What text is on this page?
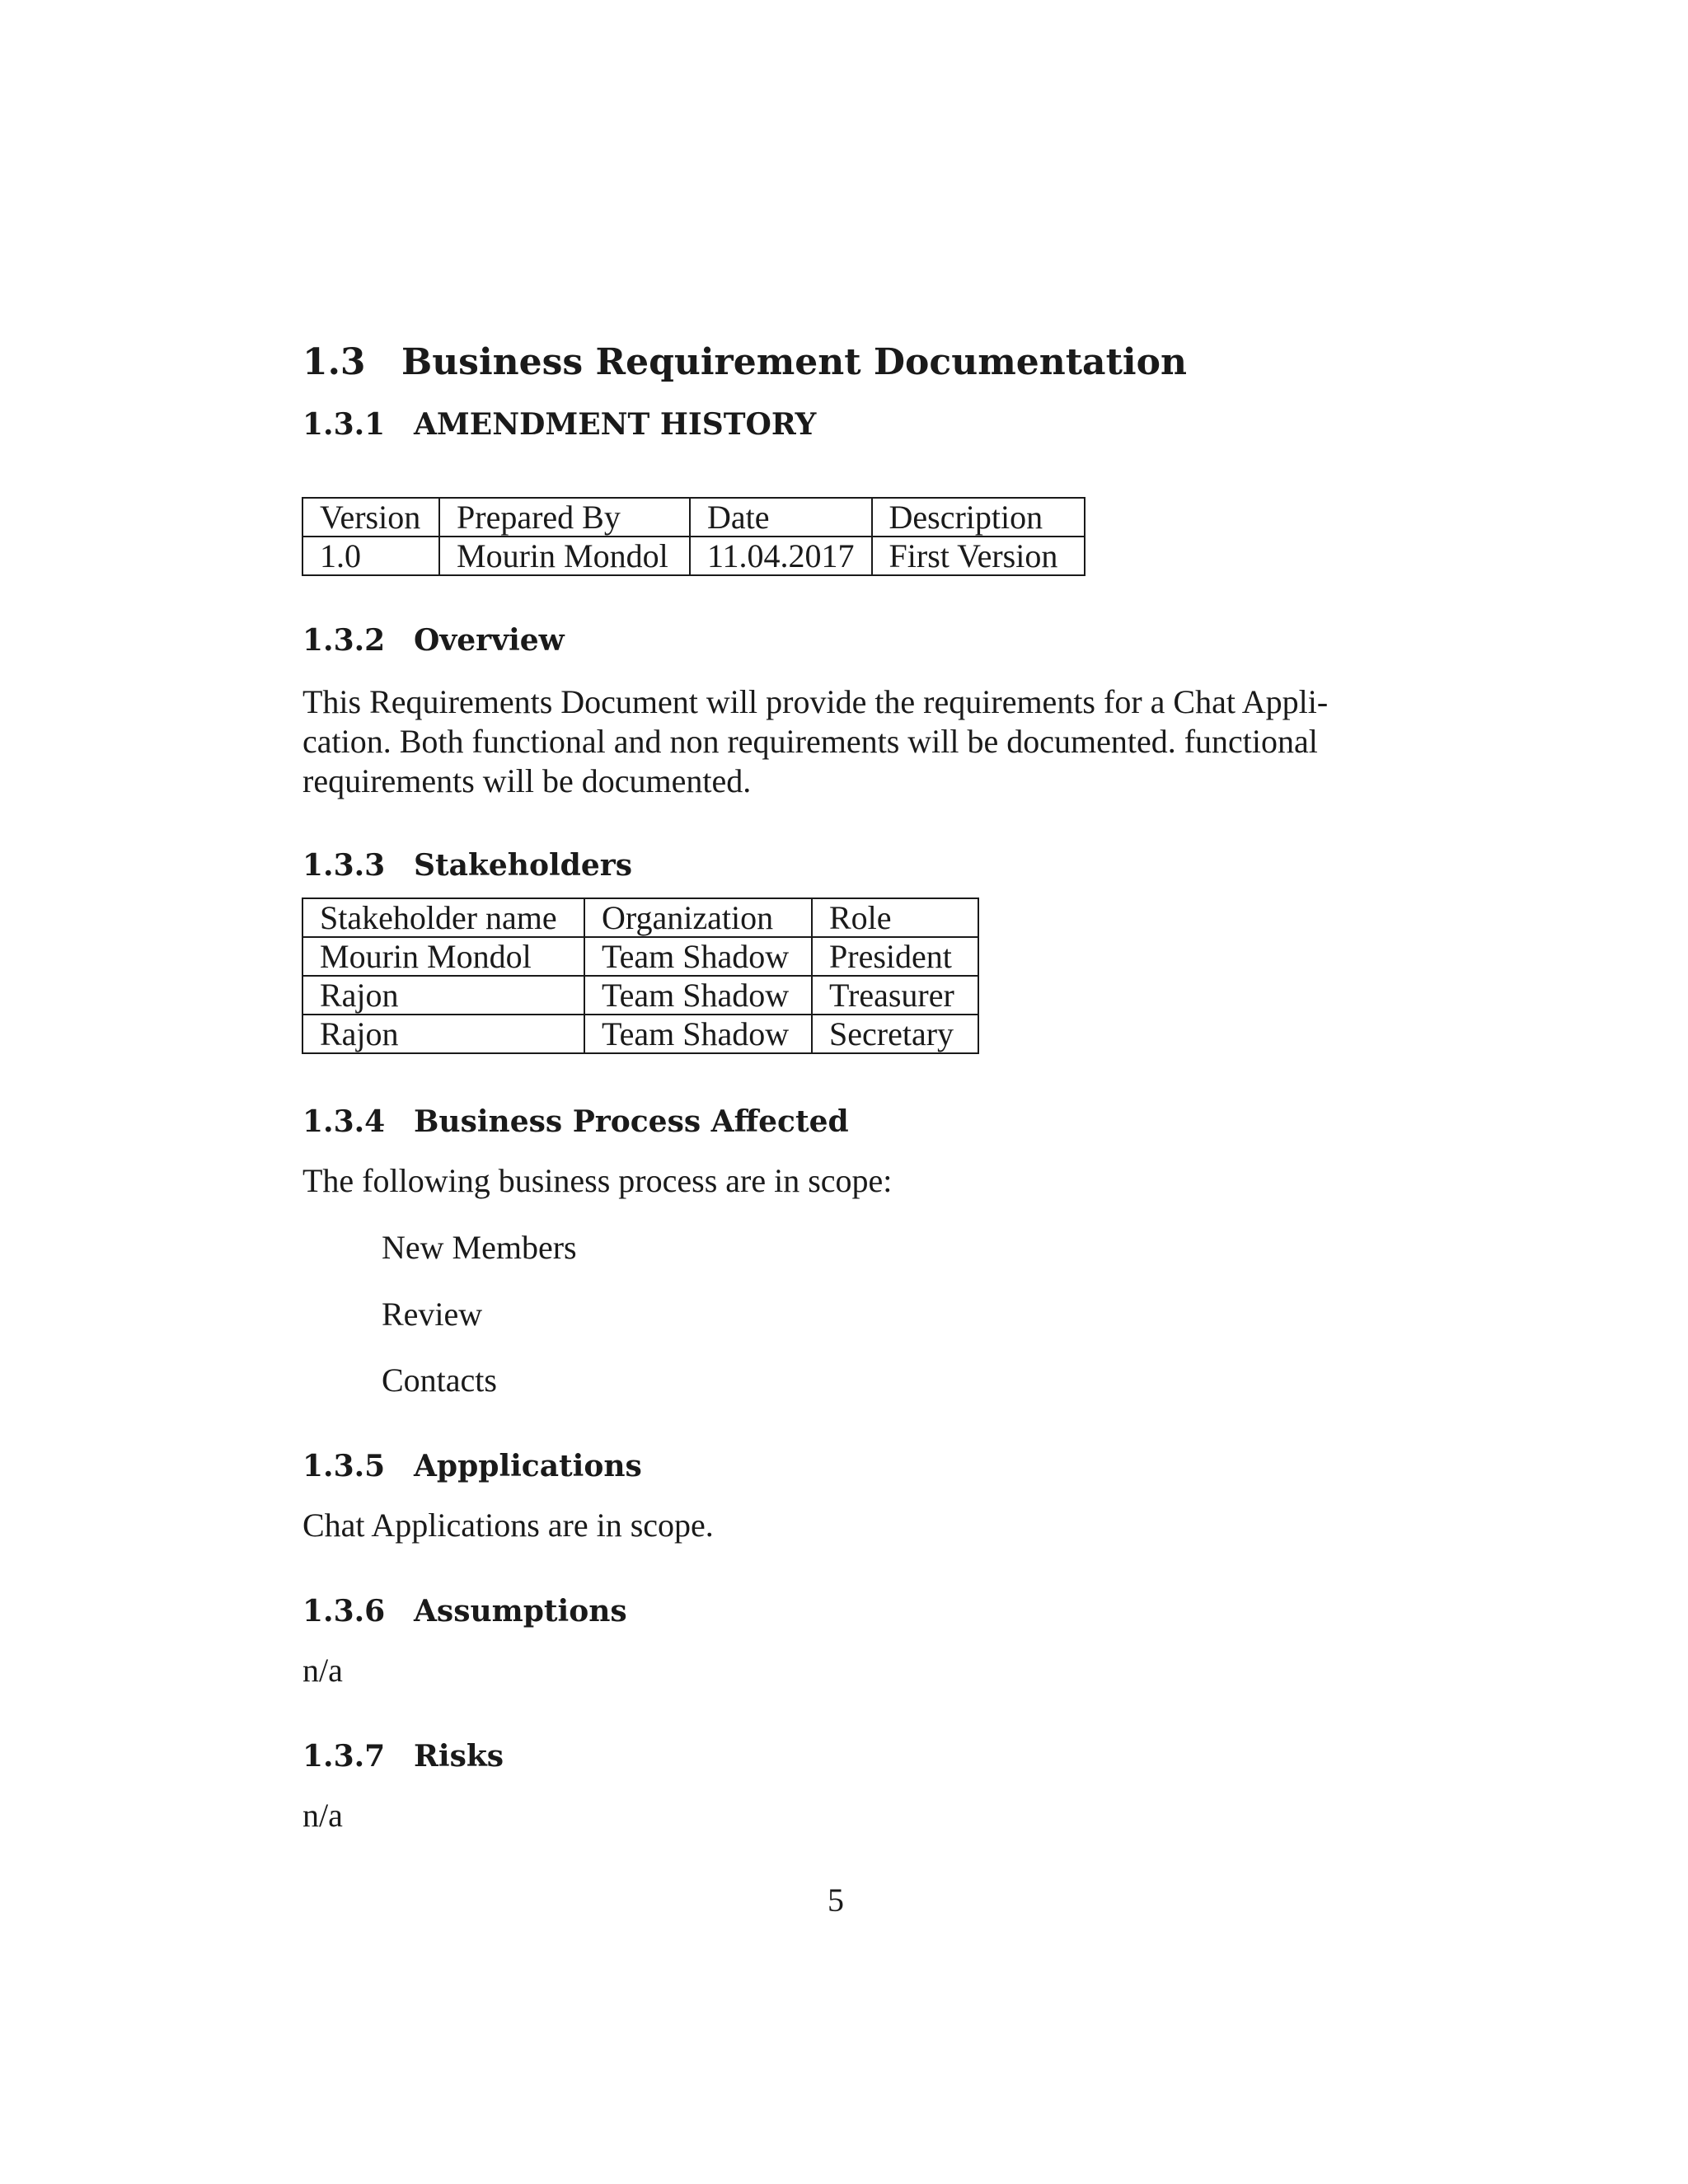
1.3 Business Requirement Documentation
1.3.1 AMENDMENT HISTORY
Version	Prepared By	Date	Description
1.0	Mourin Mondol	11.04.2017	First Version
1.3.2 Overview
This Requirements Document will provide the requirements for a Chat Appli-
cation. Both functional and non requirements will be documented. functional
requirements will be documented.
1.3.3 Stakeholders
Stakeholder name	Organization	Role
Mourin Mondol	Team Shadow	President
Rajon	Team Shadow	Treasurer
Rajon	Team Shadow	Secretary
1.3.4 Business Process Affected
The following business process are in scope:
New Members
Review
Contacts
1.3.5 Appplications
Chat Applications are in scope.
1.3.6 Assumptions
n/a
1.3.7 Risks
n/a
5
